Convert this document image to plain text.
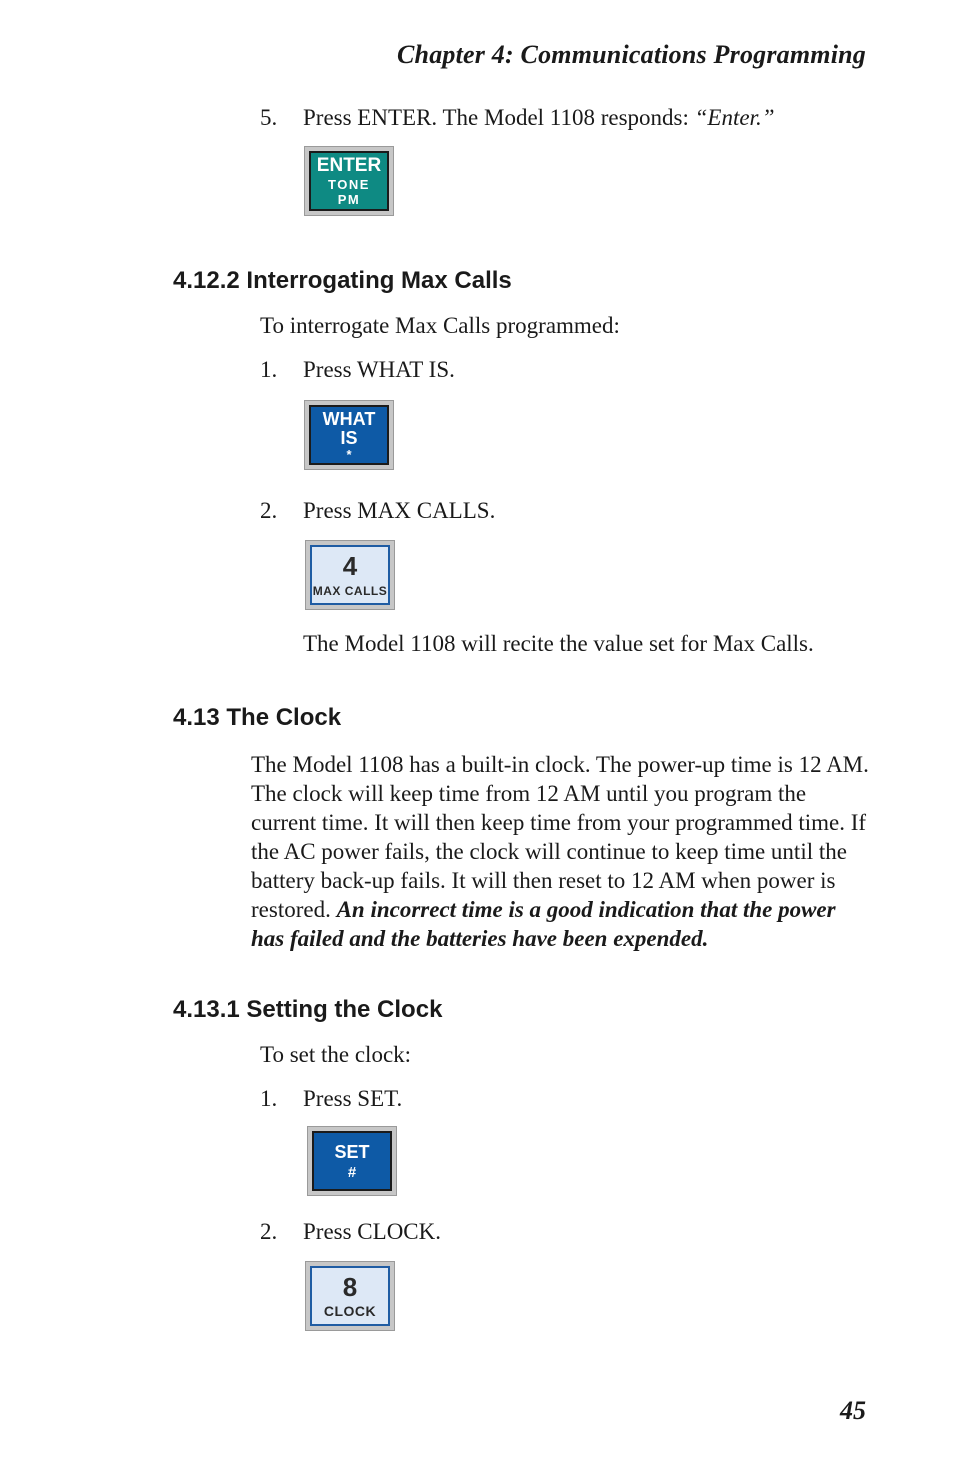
Chapter 4: Communications Programming
5. Press ENTER. The Model 1108 responds: “Enter.”
ENTER
TONE
PM
4.12.2 Interrogating Max Calls
To interrogate Max Calls programmed:
1. Press WHAT IS.
WHAT
IS
*
2. Press MAX CALLS.
4
MAX CALLS
The Model 1108 will recite the value set for Max Calls.
4.13 The Clock
The Model 1108 has a built-in clock. The power-up time is 12 AM. The clock will keep time from 12 AM until you program the current time. It will then keep time from your programmed time. If the AC power fails, the clock will continue to keep time until the battery back-up fails. It will then reset to 12 AM when power is restored. An incorrect time is a good indication that the power has failed and the batteries have been expended.
4.13.1 Setting the Clock
To set the clock:
1. Press SET.
SET
#
2. Press CLOCK.
8
CLOCK
45
